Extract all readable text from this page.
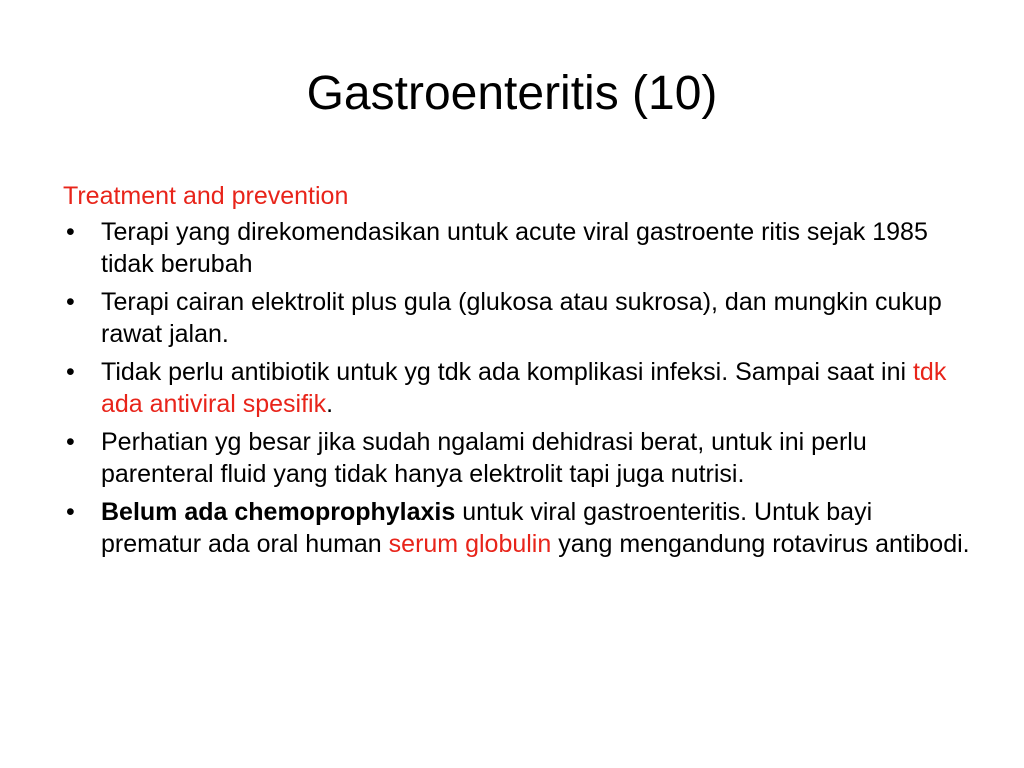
Gastroenteritis (10)
Treatment and prevention
•	Terapi yang direkomendasikan untuk acute viral gastroente ritis sejak 1985 tidak berubah
•	Terapi cairan elektrolit plus gula (glukosa atau sukrosa), dan mungkin cukup rawat jalan.
•	Tidak perlu antibiotik untuk yg tdk ada komplikasi infeksi. Sampai saat ini tdk ada antiviral spesifik.
•	Perhatian yg besar jika sudah ngalami dehidrasi berat, untuk ini perlu parenteral fluid yang tidak hanya elektrolit tapi juga nutrisi.
•	Belum ada chemoprophylaxis untuk viral gastroenteritis. Untuk bayi prematur ada oral human serum globulin yang mengandung rotavirus antibodi.
